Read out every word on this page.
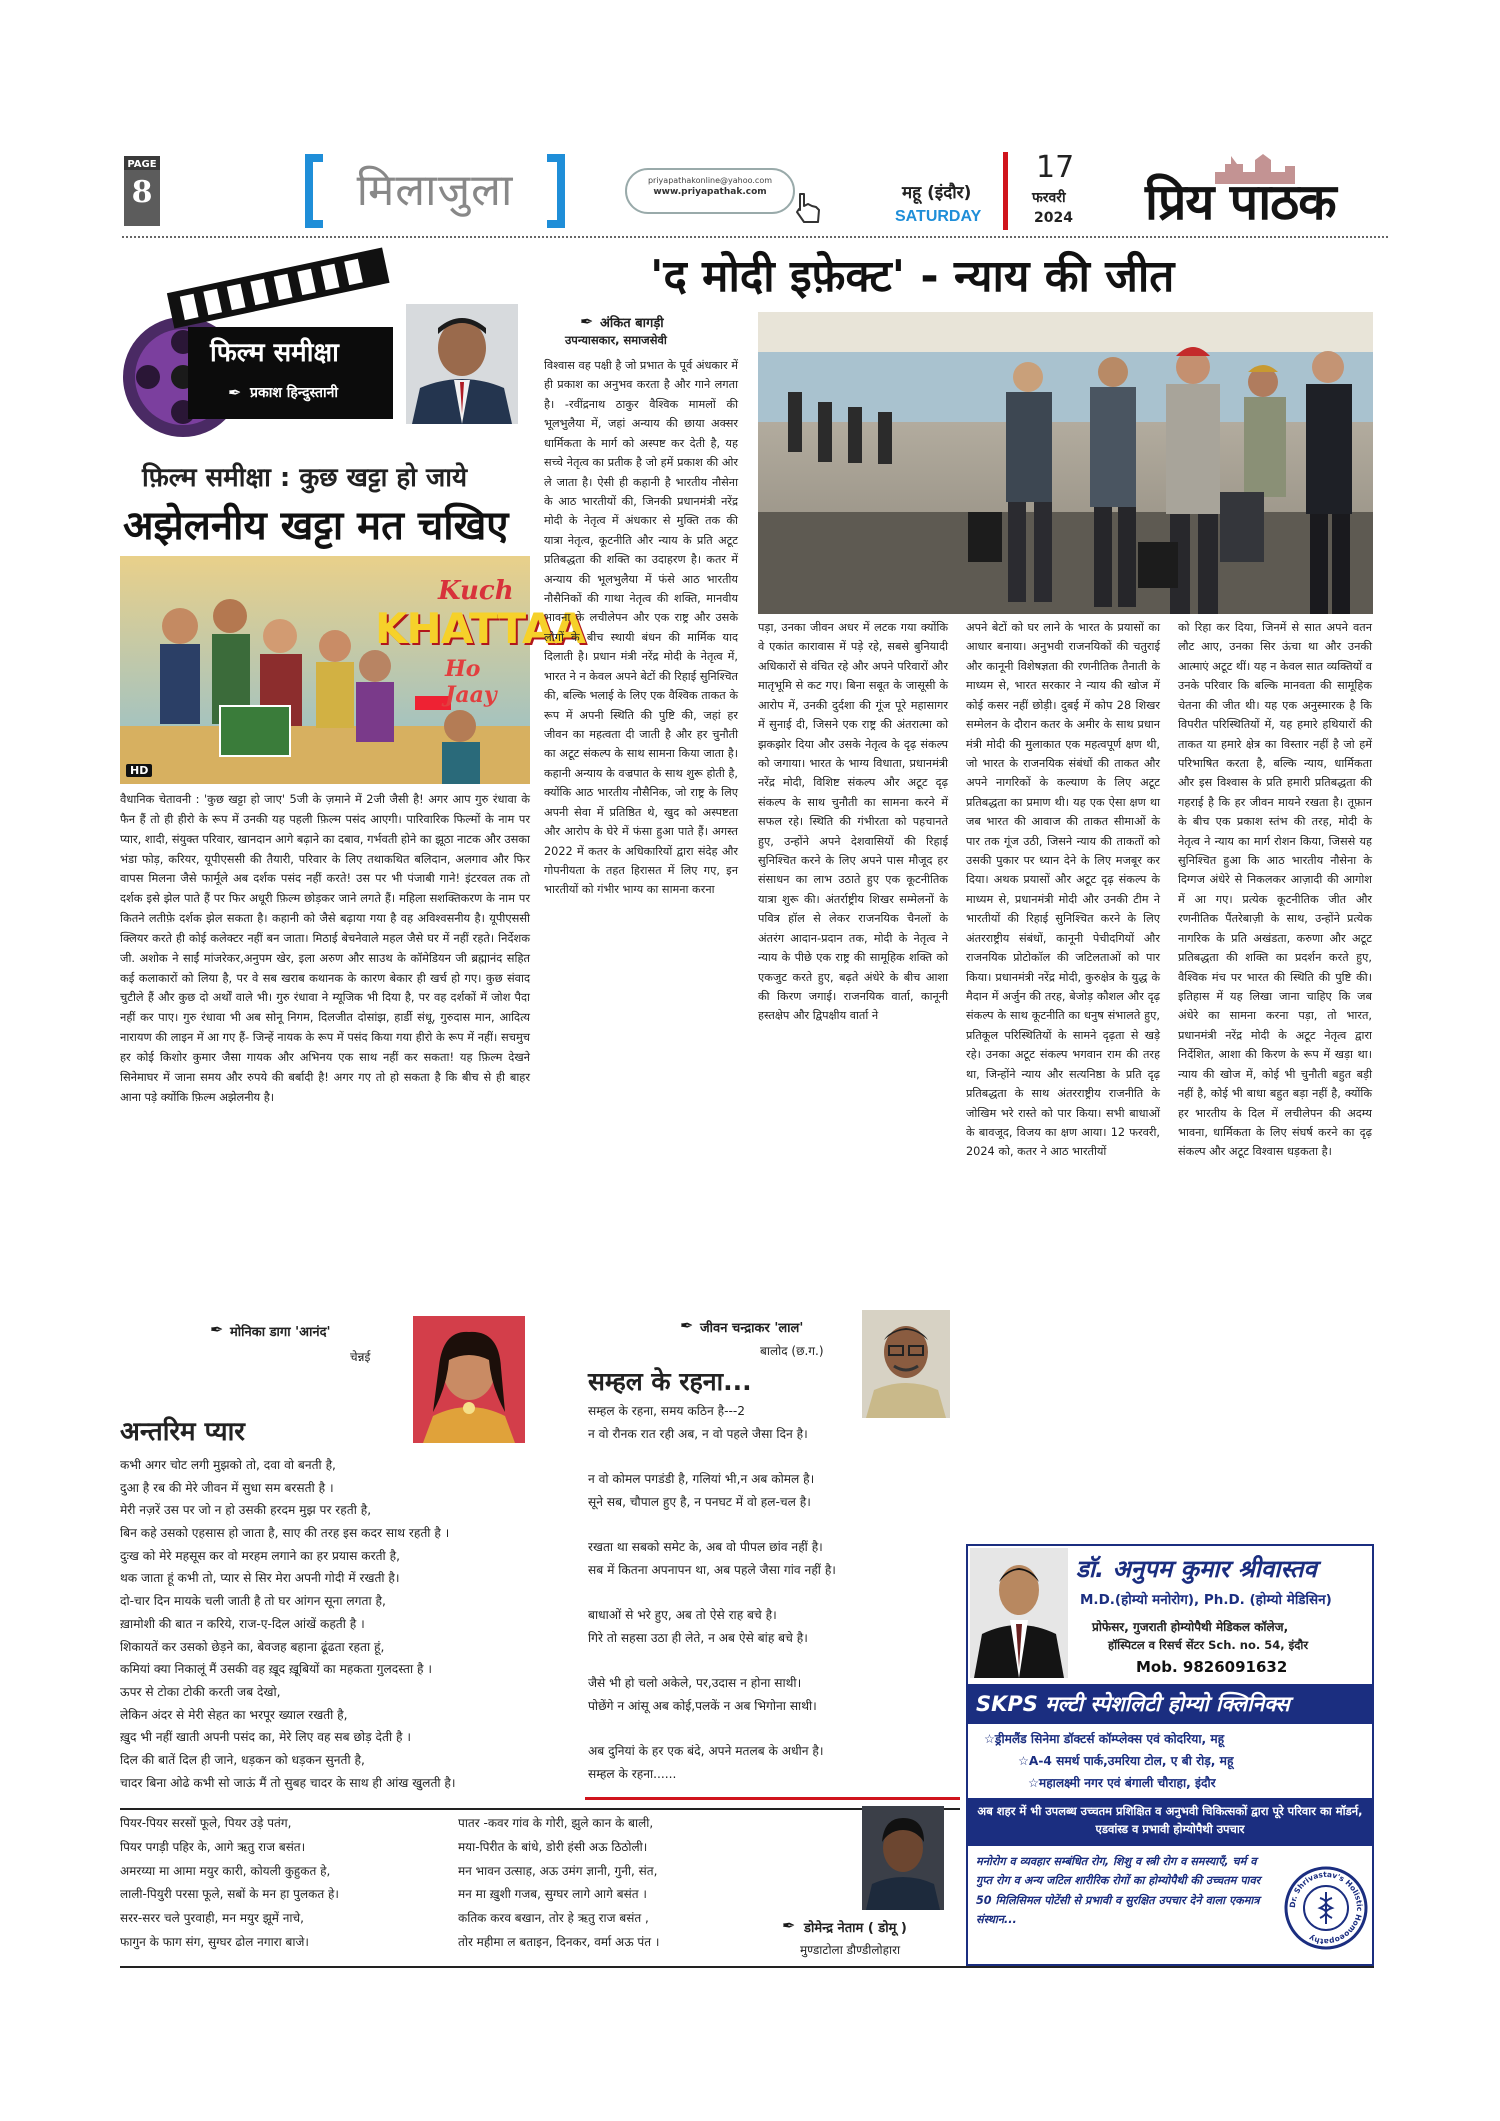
PAGE
8	मिलाजुला	priyapathakonline@yahoo.com
www.priyapathak.com	महू (इंदौर)
SATURDAY
17
फरवरी
2024 प्रिय पाठक
'द मोदी इफ़ेक्ट' - न्याय की जीत
फिल्म समीक्षा
✒ प्रकाश हिन्दुस्तानी
फ़िल्म समीक्षा : कुछ खट्टा हो जाये
अझेलनीय खट्टा मत चखिए
Kuch
KHATTAA
Ho Jaay
HD
वैधानिक चेतावनी : 'कुछ खट्टा हो जाए' 5जी के ज़माने में 2जी जैसी है! अगर आप गुरु रंधावा के फैन हैं तो ही हीरो के रूप में उनकी यह पहली फ़िल्म पसंद आएगी। पारिवारिक फिल्मों के नाम पर प्यार, शादी, संयुक्त परिवार, खानदान आगे बढ़ाने का दबाव, गर्भवती होने का झूठा नाटक और उसका भंडा फोड़, करियर, यूपीएससी की तैयारी, परिवार के लिए तथाकथित बलिदान, अलगाव और फिर वापस मिलना जैसे फार्मूले अब दर्शक पसंद नहीं करते! उस पर भी पंजाबी गाने! इंटरवल तक तो दर्शक इसे झेल पाते हैं पर फिर अधूरी फ़िल्म छोड़कर जाने लगते हैं। महिला सशक्तिकरण के नाम पर कितने लतीफ़े दर्शक झेल सकता है। कहानी को जैसे बढ़ाया गया है वह अविश्वसनीय है। यूपीएससी क्लियर करते ही कोई कलेक्टर नहीं बन जाता। मिठाई बेचनेवाले महल जैसे घर में नहीं रहते। निर्देशक जी. अशोक ने साईं मांजरेकर,अनुपम खेर, इला अरुण और साउथ के कॉमेडियन जी ब्रह्मानंद सहित कई कलाकारों को लिया है, पर वे सब खराब कथानक के कारण बेकार ही खर्च हो गए। कुछ संवाद चुटीले हैं और कुछ दो अर्थों वाले भी। गुरु रंधावा ने म्यूजिक भी दिया है, पर वह दर्शकों में जोश पैदा नहीं कर पाए। गुरु रंधावा भी अब सोनू निगम, दिलजीत दोसांझ, हार्डी संधू, गुरुदास मान, आदित्य नारायण की लाइन में आ गए हैं- जिन्हें नायक के रूप में पसंद किया गया हीरो के रूप में नहीं। सचमुच हर कोई किशोर कुमार जैसा गायक और अभिनय एक साथ नहीं कर सकता! यह फ़िल्म देखने सिनेमाघर में जाना समय और रुपये की बर्बादी है! अगर गए तो हो सकता है कि बीच से ही बाहर आना पड़े क्योंकि फ़िल्म अझेलनीय है।
✒ मोनिका डागा 'आनंद'
चेन्नई
अन्तरिम प्यार
कभी अगर चोट लगी मुझको तो, दवा वो बनती है,
दुआ है रब की मेरे जीवन में सुधा सम बरसती है ।
मेरी नज़रें उस पर जो न हो उसकी हरदम मुझ पर रहती है,
बिन कहे उसको एहसास हो जाता है, साए की तरह इस कदर साथ रहती है ।
दुःख को मेरे महसूस कर वो मरहम लगाने का हर प्रयास करती है,
थक जाता हूं कभी तो, प्यार से सिर मेरा अपनी गोदी में रखती है।
दो-चार दिन मायके चली जाती है तो घर आंगन सूना लगता है,
ख़ामोशी की बात न करिये, राज-ए-दिल आंखें कहती है ।
शिकायतें कर उसको छेड़ने का, बेवजह बहाना ढूंढता रहता हूं,
कमियां क्या निकालूं मैं उसकी वह ख़ूद ख़ूबियों का महकता गुलदस्ता है ।
ऊपर से टोका टोकी करती जब देखो,
लेकिन अंदर से मेरी सेहत का भरपूर ख्याल रखती है,
ख़ुद भी नहीं खाती अपनी पसंद का, मेरे लिए वह सब छोड़ देती है ।
दिल की बातें दिल ही जाने, धड़कन को धड़कन सुनती है,
चादर बिना ओढे कभी सो जाऊं मैं तो सुबह चादर के साथ ही आंख खुलती है।
✒ अंकित बागड़ी
उपन्यासकार, समाजसेवी
विश्वास वह पक्षी है जो प्रभात के पूर्व अंधकार में ही प्रकाश का अनुभव करता है और गाने लगता है। -रवींद्रनाथ ठाकुर वैश्विक मामलों की भूलभुलैया में, जहां अन्याय की छाया अक्सर धार्मिकता के मार्ग को अस्पष्ट कर देती है, यह सच्चे नेतृत्व का प्रतीक है जो हमें प्रकाश की ओर ले जाता है। ऐसी ही कहानी है भारतीय नौसेना के आठ भारतीयों की, जिनकी प्रधानमंत्री नरेंद्र मोदी के नेतृत्व में अंधकार से मुक्ति तक की यात्रा नेतृत्व, कूटनीति और न्याय के प्रति अटूट प्रतिबद्धता की शक्ति का उदाहरण है। कतर में अन्याय की भूलभुलैया में फंसे आठ भारतीय नौसैनिकों की गाथा नेतृत्व की शक्ति, मानवीय भावना के लचीलेपन और एक राष्ट्र और उसके लोगों के बीच स्थायी बंधन की मार्मिक याद दिलाती है। प्रधान मंत्री नरेंद्र मोदी के नेतृत्व में, भारत ने न केवल अपने बेटों की रिहाई सुनिश्चित की, बल्कि भलाई के लिए एक वैश्विक ताकत के रूप में अपनी स्थिति की पुष्टि की, जहां हर जीवन का महत्वता दी जाती है और हर चुनौती का अटूट संकल्प के साथ सामना किया जाता है। कहानी अन्याय के वज्रपात के साथ शुरू होती है, क्योंकि आठ भारतीय नौसैनिक, जो राष्ट्र के लिए अपनी सेवा में प्रतिष्ठित थे, खुद को अस्पष्टता और आरोप के घेरे में फंसा हुआ पाते हैं। अगस्त 2022 में कतर के अधिकारियों द्वारा संदेह और गोपनीयता के तहत हिरासत में लिए गए, इन भारतीयों को गंभीर भाग्य का सामना करना
पड़ा, उनका जीवन अधर में लटक गया क्योंकि वे एकांत कारावास में पड़े रहे, सबसे बुनियादी अधिकारों से वंचित रहे और अपने परिवारों और मातृभूमि से कट गए। बिना सबूत के जासूसी के आरोप में, उनकी दुर्दशा की गूंज पूरे महासागर में सुनाई दी, जिसने एक राष्ट्र की अंतरात्मा को झकझोर दिया और उसके नेतृत्व के दृढ़ संकल्प को जगाया। भारत के भाग्य विधाता, प्रधानमंत्री नरेंद्र मोदी, विशिष्ट संकल्प और अटूट दृढ़ संकल्प के साथ चुनौती का सामना करने में सफल रहे। स्थिति की गंभीरता को पहचानते हुए, उन्होंने अपने देशवासियों की रिहाई सुनिश्चित करने के लिए अपने पास मौजूद हर संसाधन का लाभ उठाते हुए एक कूटनीतिक यात्रा शुरू की। अंतर्राष्ट्रीय शिखर सम्मेलनों के पवित्र हॉल से लेकर राजनयिक चैनलों के अंतरंग आदान-प्रदान तक, मोदी के नेतृत्व ने न्याय के पीछे एक राष्ट्र की सामूहिक शक्ति को एकजुट करते हुए, बढ़ते अंधेरे के बीच आशा की किरण जगाई। राजनयिक वार्ता, कानूनी हस्तक्षेप और द्विपक्षीय वार्ता ने
अपने बेटों को घर लाने के भारत के प्रयासों का आधार बनाया। अनुभवी राजनयिकों की चतुराई और कानूनी विशेषज्ञता की रणनीतिक तैनाती के माध्यम से, भारत सरकार ने न्याय की खोज में कोई कसर नहीं छोड़ी। दुबई में कोप 28 शिखर सम्मेलन के दौरान कतर के अमीर के साथ प्रधान मंत्री मोदी की मुलाकात एक महत्वपूर्ण क्षण थी, जो भारत के राजनयिक संबंधों की ताकत और अपने नागरिकों के कल्याण के लिए अटूट प्रतिबद्धता का प्रमाण थी। यह एक ऐसा क्षण था जब भारत की आवाज की ताकत सीमाओं के पार तक गूंज उठी, जिसने न्याय की ताकतों को उसकी पुकार पर ध्यान देने के लिए मजबूर कर दिया। अथक प्रयासों और अटूट दृढ़ संकल्प के माध्यम से, प्रधानमंत्री मोदी और उनकी टीम ने भारतीयों की रिहाई सुनिश्चित करने के लिए अंतरराष्ट्रीय संबंधों, कानूनी पेचीदगियों और राजनयिक प्रोटोकॉल की जटिलताओं को पार किया। प्रधानमंत्री नरेंद्र मोदी, कुरुक्षेत्र के युद्ध के मैदान में अर्जुन की तरह, बेजोड़ कौशल और दृढ़ संकल्प के साथ कूटनीति का धनुष संभालते हुए, प्रतिकूल परिस्थितियों के सामने दृढ़ता से खड़े रहे। उनका अटूट संकल्प भगवान राम की तरह था, जिन्होंने न्याय और सत्यनिष्ठा के प्रति दृढ़ प्रतिबद्धता के साथ अंतरराष्ट्रीय राजनीति के जोखिम भरे रास्ते को पार किया। सभी बाधाओं के बावजूद, विजय का क्षण आया। 12 फरवरी, 2024 को, कतर ने आठ भारतीयों
को रिहा कर दिया, जिनमें से सात अपने वतन लौट आए, उनका सिर ऊंचा था और उनकी आत्माएं अटूट थीं। यह न केवल सात व्यक्तियों व उनके परिवार कि बल्कि मानवता की सामूहिक चेतना की जीत थी। यह एक अनुस्मारक है कि विपरीत परिस्थितियों में, यह हमारे हथियारों की ताकत या हमारे क्षेत्र का विस्तार नहीं है जो हमें परिभाषित करता है, बल्कि न्याय, धार्मिकता और इस विश्वास के प्रति हमारी प्रतिबद्धता की गहराई है कि हर जीवन मायने रखता है। तूफ़ान के बीच एक प्रकाश स्तंभ की तरह, मोदी के नेतृत्व ने न्याय का मार्ग रोशन किया, जिससे यह सुनिश्चित हुआ कि आठ भारतीय नौसेना के दिग्गज अंधेरे से निकलकर आज़ादी की आगोश में आ गए। प्रत्येक कूटनीतिक जीत और रणनीतिक पैंतरेबाज़ी के साथ, उन्होंने प्रत्येक नागरिक के प्रति अखंडता, करुणा और अटूट प्रतिबद्धता की शक्ति का प्रदर्शन करते हुए, वैश्विक मंच पर भारत की स्थिति की पुष्टि की। इतिहास में यह लिखा जाना चाहिए कि जब अंधेरे का सामना करना पड़ा, तो भारत, प्रधानमंत्री नरेंद्र मोदी के अटूट नेतृत्व द्वारा निर्देशित, आशा की किरण के रूप में खड़ा था। न्याय की खोज में, कोई भी चुनौती बहुत बड़ी नहीं है, कोई भी बाधा बहुत बड़ा नहीं है, क्योंकि हर भारतीय के दिल में लचीलेपन की अदम्य भावना, धार्मिकता के लिए संघर्ष करने का दृढ़ संकल्प और अटूट विश्वास धड़कता है।
✒ जीवन चन्द्राकर 'लाल'
बालोद (छ.ग.)
सम्हल के रहना...
सम्हल के रहना, समय कठिन है---2
न वो रौनक रात रही अब, न वो पहले जैसा दिन है।

न वो कोमल पगडंडी है, गलियां भी,न अब कोमल है।
सूने सब, चौपाल हुए है, न पनघट में वो हल-चल है।

रखता था सबको समेट के, अब वो पीपल छांव नहीं है।
सब में कितना अपनापन था, अब पहले जैसा गांव नहीं है।

बाधाओं से भरे हुए, अब तो ऐसे राह बचे है।
गिरे तो सहसा उठा ही लेते, न अब ऐसे बांह बचे है।

जैसे भी हो चलो अकेले, पर,उदास न होना साथी।
पोछेंगे न आंसू अब कोई,पलकें न अब भिगोना साथी।

अब दुनियां के हर एक बंदे, अपने मतलब के अधीन है।
सम्हल के रहना......
पियर-पियर सरसों फूले, पियर उड़े पतंग,
पियर पगड़ी पहिर के, आगे ऋतु राज बसंत।
अमरय्या मा आमा मयुर कारी, कोयली कुहुकत हे,
लाली-पियुरी परसा फूले, सबों के मन हा पुलकत हे।
सरर-सरर चले पुरवाही, मन मयुर झूमें नाचे,
फागुन के फाग संग, सुग्घर ढोल नगारा बाजे।
पातर -कवर गांव के गोरी, झुले कान के बाली,
मया-पिरीत के बांधे, डोरी हंसी अऊ ठिठोली।
मन भावन उत्साह, अऊ उमंग ज्ञानी, गुनी, संत,
मन मा ख़ुशी गजब, सुग्घर लागे आगे बसंत ।
कतिक करव बखान, तोर हे ऋतु राज बसंत ,
तोर महीमा ल बताइन, दिनकर, वर्मा अऊ पंत ।
✒ डोमेन्द्र नेताम ( डोमू )
मुण्डाटोला डौण्डीलोहारा
डॉ. अनुपम कुमार श्रीवास्तव
M.D.(होम्यो मनोरोग), Ph.D. (होम्यो मेडिसिन)
प्रोफेसर, गुजराती होम्योपैथी मेडिकल कॉलेज,
हॉस्पिटल व रिसर्च सेंटर Sch. no. 54, इंदौर
Mob. 9826091632
SKPS मल्टी स्पेशलिटी होम्यो क्लिनिक्स
☆ड्रीमलैंड सिनेमा डॉक्टर्स कॉम्प्लेक्स एवं कोदरिया, महू
☆A-4 समर्थ पार्क,उमरिया टोल, ए बी रोड़, महू
☆महालक्ष्मी नगर एवं बंगाली चौराहा, इंदौर
अब शहर में भी उपलब्ध उच्चतम प्रशिक्षित व अनुभवी चिकित्सकों द्वारा पूरे परिवार का मॉडर्न, एडवांस्ड व प्रभावी होम्योपैथी उपचार
मनोरोग व व्यवहार सम्बंधित रोग, शिशु व स्त्री रोग व समस्याएँ, चर्म व गुप्त रोग व अन्य जटिल शारीरिक रोगों का होम्योपैथी की उच्चतम पावर 50 मिलिसिमल पोटेंसी से प्रभावी व सुरक्षित उपचार देने वाला एकमात्र संस्थान...
Dr. Shrivastav's Holistic Homoeopathy
